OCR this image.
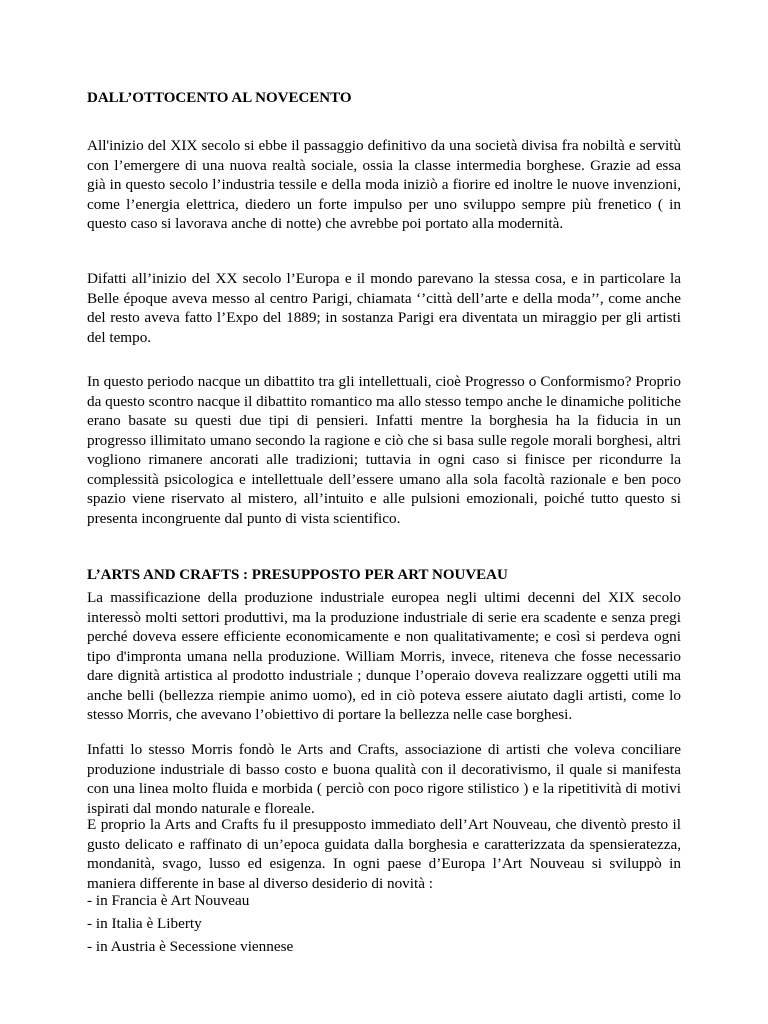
DALL’OTTOCENTO AL NOVECENTO

All'inizio del XIX secolo si ebbe il passaggio definitivo da una società divisa fra nobiltà e servitù con l’emergere di una nuova realtà sociale, ossia la classe intermedia borghese. Grazie ad essa già in questo secolo l’industria tessile e della moda iniziò a fiorire ed inoltre le nuove invenzioni, come l’energia elettrica, diedero un forte impulso per uno sviluppo sempre più frenetico ( in questo caso si lavorava anche di notte) che avrebbe poi portato alla modernità.

Difatti all’inizio del XX secolo l’Europa e il mondo parevano la stessa cosa, e in particolare la Belle époque aveva messo al centro Parigi, chiamata ‘’città dell’arte e della moda’’, come anche del resto aveva fatto l’Expo del 1889; in sostanza Parigi era diventata un miraggio per gli artisti del tempo.

In questo periodo nacque un dibattito tra gli intellettuali, cioè Progresso o Conformismo? Proprio da questo scontro nacque il dibattito romantico ma allo stesso tempo anche le dinamiche politiche erano basate su questi due tipi di pensieri. Infatti mentre la borghesia ha la fiducia in un progresso illimitato umano secondo la ragione e ciò che si basa sulle regole morali borghesi, altri vogliono rimanere ancorati alle tradizioni; tuttavia in ogni caso si finisce per ricondurre la complessità psicologica e intellettuale dell’essere umano alla sola facoltà razionale e ben poco spazio viene riservato al mistero, all’intuito e alle pulsioni emozionali, poiché tutto questo si presenta incongruente dal punto di vista scientifico.

L’ARTS AND CRAFTS : PRESUPPOSTO PER ART NOUVEAU

La massificazione della produzione industriale europea negli ultimi decenni del XIX secolo interessò molti settori produttivi, ma la produzione industriale di serie era scadente e senza pregi perché doveva essere efficiente economicamente e non qualitativamente; e così si perdeva ogni tipo d'impronta umana nella produzione. William Morris, invece, riteneva che fosse necessario dare dignità artistica al prodotto industriale ; dunque l’operaio doveva realizzare oggetti utili ma anche belli (bellezza riempie animo uomo), ed in ciò poteva essere aiutato dagli artisti, come lo stesso Morris, che avevano l’obiettivo di portare la bellezza nelle case borghesi.

Infatti lo stesso Morris fondò le Arts and Crafts, associazione di artisti che voleva conciliare produzione industriale di basso costo e buona qualità con il decorativismo, il quale si manifesta con una linea molto fluida e morbida ( perciò con poco rigore stilistico ) e la ripetitività di motivi ispirati dal mondo naturale e floreale.

E proprio la Arts and Crafts fu il presupposto immediato dell’Art Nouveau, che diventò presto il gusto delicato e raffinato di un’epoca guidata dalla borghesia e caratterizzata da spensieratezza, mondanità, svago, lusso ed esigenza. In ogni paese d’Europa l’Art Nouveau si sviluppò in maniera differente in base al diverso desiderio di novità :

- in Francia è Art Nouveau

- in Italia è Liberty

- in Austria è Secessione viennese
